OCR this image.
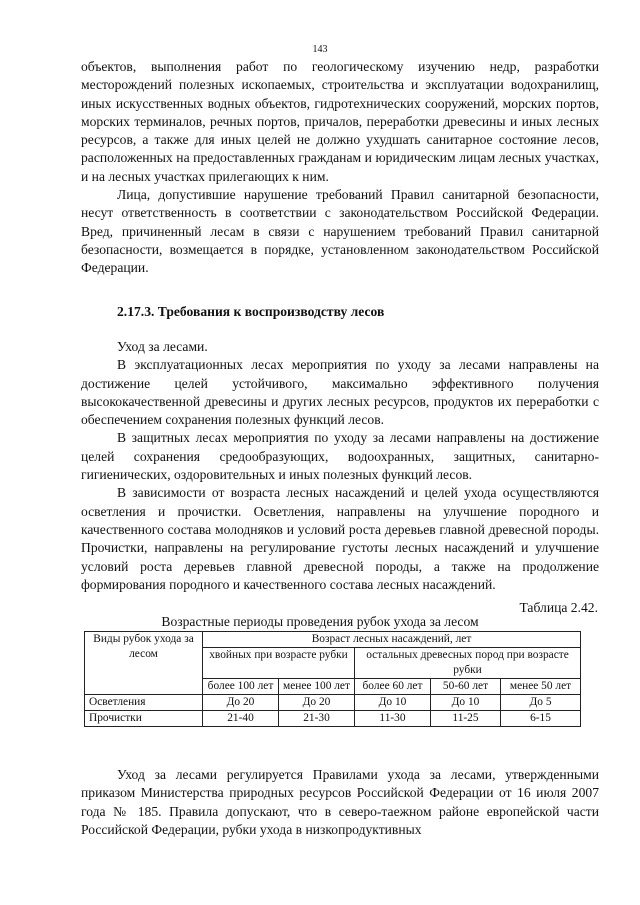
143

объектов, выполнения работ по геологическому изучению недр, разработки месторождений полезных ископаемых, строительства и эксплуатации водохранилищ, иных искусственных водных объектов, гидротехнических сооружений, морских портов, морских терминалов, речных портов, причалов, переработки древесины и иных лесных ресурсов, а также для иных целей не должно ухудшать санитарное состояние лесов, расположенных на предоставленных гражданам и юридическим лицам лесных участках, и на лесных участках прилегающих к ним.

Лица, допустившие нарушение требований Правил санитарной безопасности, несут ответственность в соответствии с законодательством Российской Федерации. Вред, причиненный лесам в связи с нарушением требований Правил санитарной безопасности, возмещается в порядке, установленном законодательством Российской Федерации.

2.17.3. Требования к воспроизводству лесов

Уход за лесами.

В эксплуатационных лесах мероприятия по уходу за лесами направлены на достижение целей устойчивого, максимально эффективного получения высококачественной древесины и других лесных ресурсов, продуктов их переработки с обеспечением сохранения полезных функций лесов.

В защитных лесах мероприятия по уходу за лесами направлены на достижение целей сохранения средообразующих, водоохранных, защитных, санитарно-гигиенических, оздоровительных и иных полезных функций лесов.

В зависимости от возраста лесных насаждений и целей ухода осуществляются осветления и прочистки. Осветления, направлены на улучшение породного и качественного состава молодняков и условий роста деревьев главной древесной породы. Прочистки, направлены на регулирование густоты лесных насаждений и улучшение условий роста деревьев главной древесной породы, а также на продолжение формирования породного и качественного состава лесных насаждений.

Таблица 2.42.
Возрастные периоды проведения рубок ухода за лесом
Виды рубок ухода за лесом	Возраст лесных насаждений, лет				
	хвойных при возрасте рубки		остальных древесных пород при возрасте рубки		
	более 100 лет	менее 100 лет	более 60 лет	50-60 лет	менее 50 лет
Осветления	До 20	До 20	До 10	До 10	До 5
Прочистки	21-40	21-30	11-30	11-25	6-15

Уход за лесами регулируется Правилами ухода за лесами, утвержденными приказом Министерства природных ресурсов Российской Федерации от 16 июля 2007 года № 185. Правила допускают, что в северо-таежном районе европейской части Российской Федерации, рубки ухода в низкопродуктивных
